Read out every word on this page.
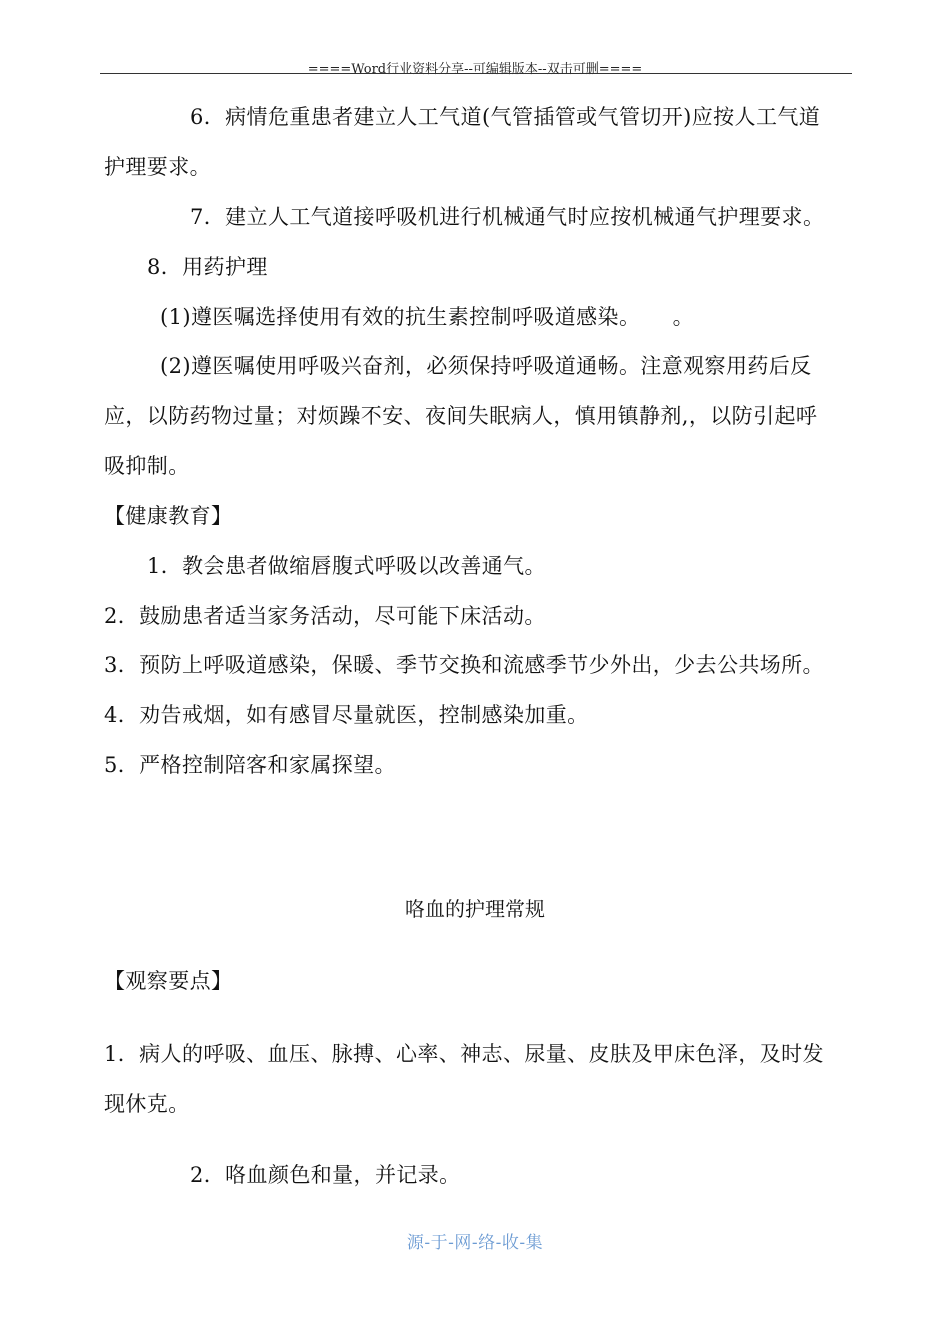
====Word行业资料分享--可编辑版本--双击可删====
6．病情危重患者建立人工气道(气管插管或气管切开)应按人工气道
护理要求。
7．建立人工气道接呼吸机进行机械通气时应按机械通气护理要求。
8．用药护理
(1)遵医嘱选择使用有效的抗生素控制呼吸道感染。　　。
(2)遵医嘱使用呼吸兴奋剂，必须保持呼吸道通畅。注意观察用药后反
应，以防药物过量；对烦躁不安、夜间失眠病人，慎用镇静剂,，以防引起呼
吸抑制。
【健康教育】
1．教会患者做缩唇腹式呼吸以改善通气。
2．鼓励患者适当家务活动，尽可能下床活动。
3．预防上呼吸道感染，保暖、季节交换和流感季节少外出，少去公共场所。
4．劝告戒烟，如有感冒尽量就医，控制感染加重。
5．严格控制陪客和家属探望。
咯血的护理常规
【观察要点】
1．病人的呼吸、血压、脉搏、心率、神志、尿量、皮肤及甲床色泽，及时发
现休克。
2．咯血颜色和量，并记录。
源-于-网-络-收-集
